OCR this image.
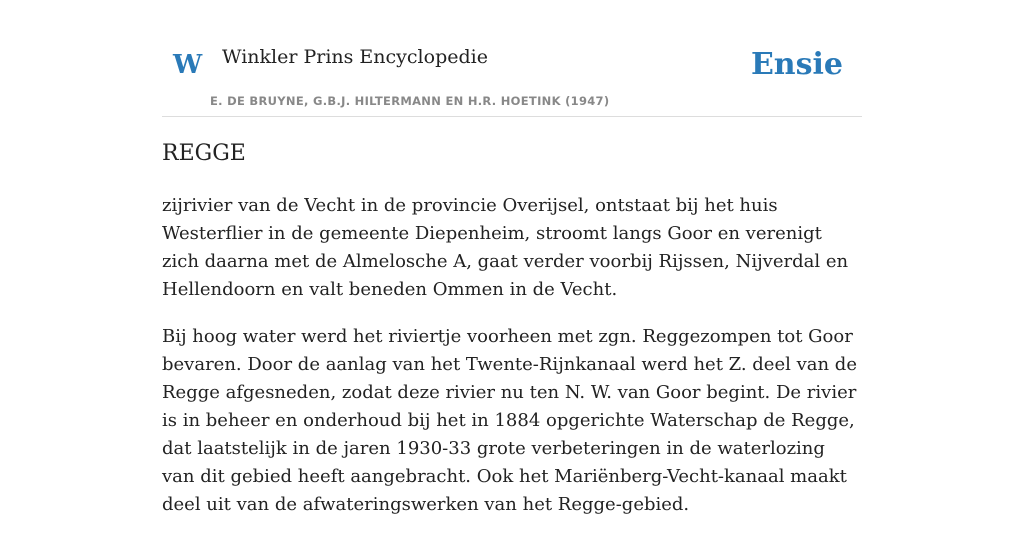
W Winkler Prins Encyclopedie
E. DE BRUYNE, G.B.J. HILTERMANN EN H.R. HOETINK (1947)
Ensie
REGGE

zijrivier van de Vecht in de provincie Overijsel, ontstaat bij het huis Westerflier in de gemeente Diepenheim, stroomt langs Goor en verenigt zich daarna met de Almelosche A, gaat verder voorbij Rijssen, Nijverdal en Hellendoorn en valt beneden Ommen in de Vecht.

Bij hoog water werd het riviertje voorheen met zgn. Reggezompen tot Goor bevaren. Door de aanlag van het Twente-Rijnkanaal werd het Z. deel van de Regge afgesneden, zodat deze rivier nu ten N. W. van Goor begint. De rivier is in beheer en onderhoud bij het in 1884 opgerichte Waterschap de Regge, dat laatstelijk in de jaren 1930-33 grote verbeteringen in de waterlozing van dit gebied heeft aangebracht. Ook het Mariënberg-Vecht-kanaal maakt deel uit van de afwateringswerken van het Regge-gebied.
